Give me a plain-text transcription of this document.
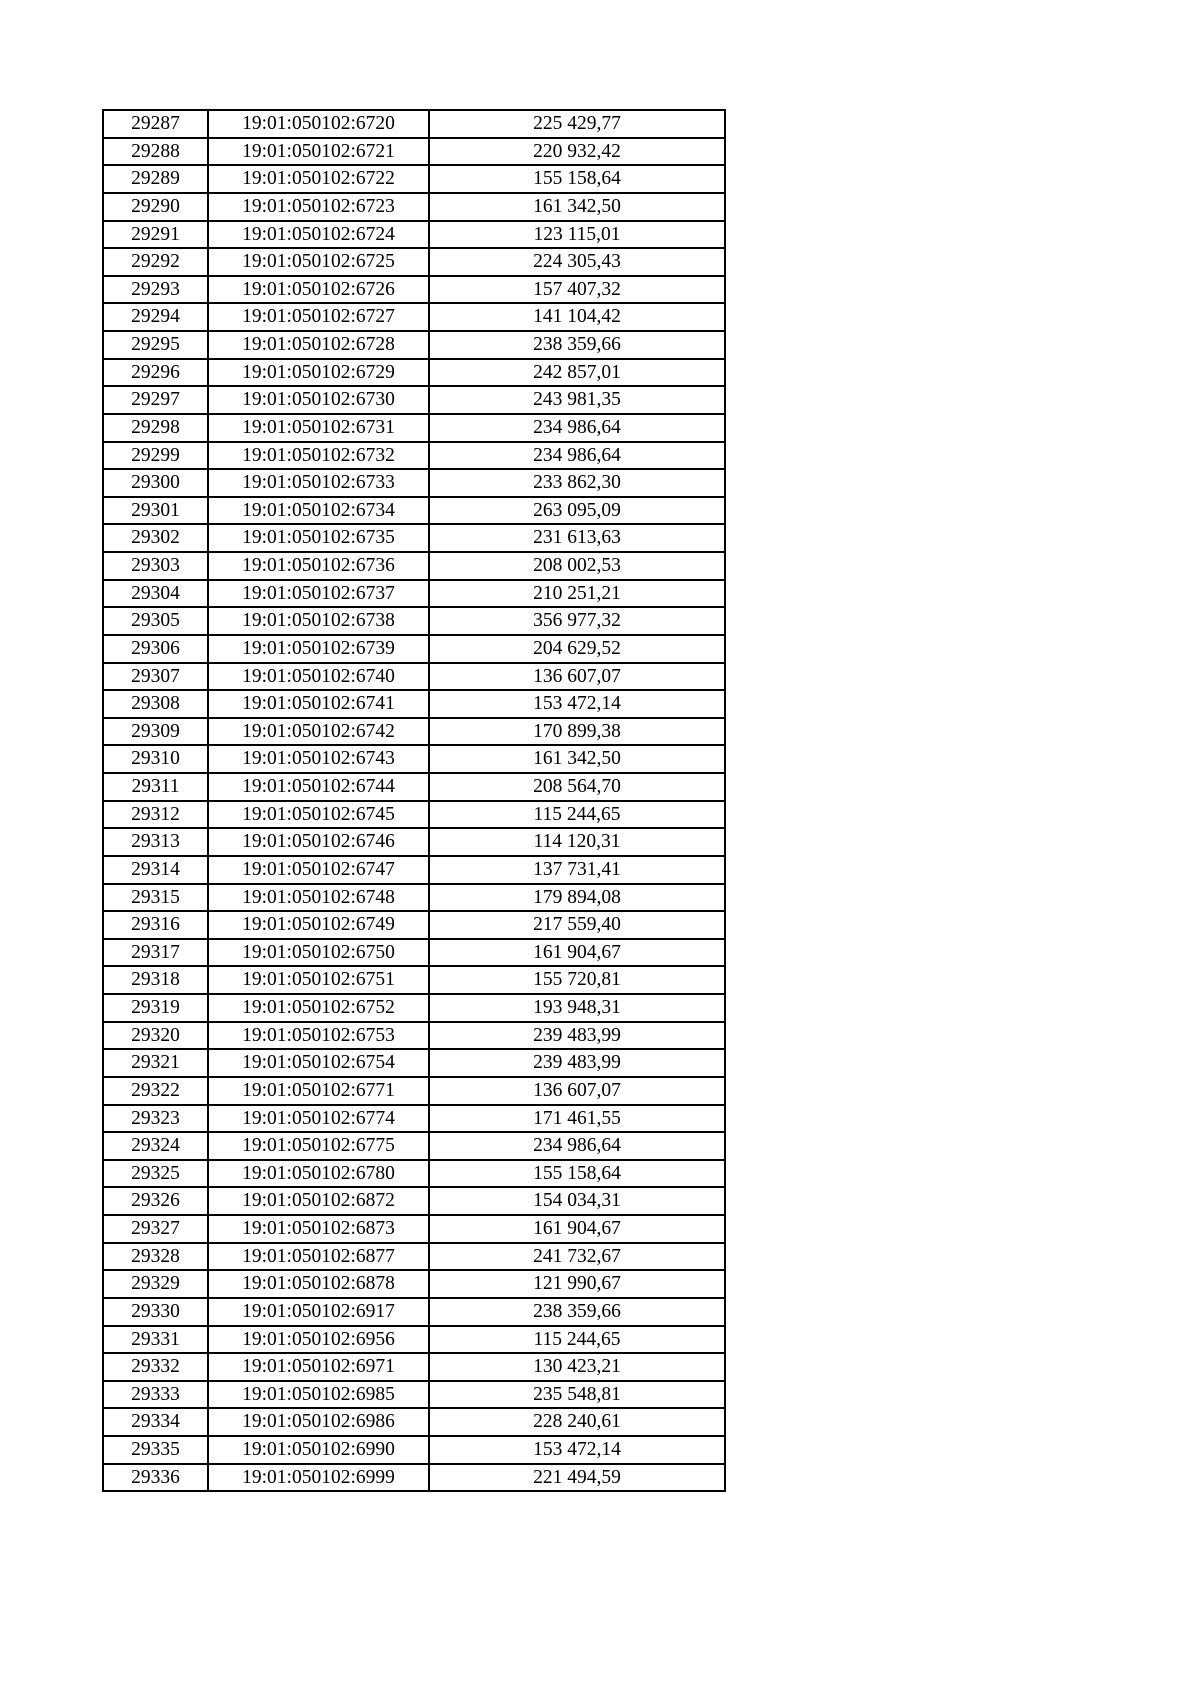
29287	19:01:050102:6720	225 429,77
29288	19:01:050102:6721	220 932,42
29289	19:01:050102:6722	155 158,64
29290	19:01:050102:6723	161 342,50
29291	19:01:050102:6724	123 115,01
29292	19:01:050102:6725	224 305,43
29293	19:01:050102:6726	157 407,32
29294	19:01:050102:6727	141 104,42
29295	19:01:050102:6728	238 359,66
29296	19:01:050102:6729	242 857,01
29297	19:01:050102:6730	243 981,35
29298	19:01:050102:6731	234 986,64
29299	19:01:050102:6732	234 986,64
29300	19:01:050102:6733	233 862,30
29301	19:01:050102:6734	263 095,09
29302	19:01:050102:6735	231 613,63
29303	19:01:050102:6736	208 002,53
29304	19:01:050102:6737	210 251,21
29305	19:01:050102:6738	356 977,32
29306	19:01:050102:6739	204 629,52
29307	19:01:050102:6740	136 607,07
29308	19:01:050102:6741	153 472,14
29309	19:01:050102:6742	170 899,38
29310	19:01:050102:6743	161 342,50
29311	19:01:050102:6744	208 564,70
29312	19:01:050102:6745	115 244,65
29313	19:01:050102:6746	114 120,31
29314	19:01:050102:6747	137 731,41
29315	19:01:050102:6748	179 894,08
29316	19:01:050102:6749	217 559,40
29317	19:01:050102:6750	161 904,67
29318	19:01:050102:6751	155 720,81
29319	19:01:050102:6752	193 948,31
29320	19:01:050102:6753	239 483,99
29321	19:01:050102:6754	239 483,99
29322	19:01:050102:6771	136 607,07
29323	19:01:050102:6774	171 461,55
29324	19:01:050102:6775	234 986,64
29325	19:01:050102:6780	155 158,64
29326	19:01:050102:6872	154 034,31
29327	19:01:050102:6873	161 904,67
29328	19:01:050102:6877	241 732,67
29329	19:01:050102:6878	121 990,67
29330	19:01:050102:6917	238 359,66
29331	19:01:050102:6956	115 244,65
29332	19:01:050102:6971	130 423,21
29333	19:01:050102:6985	235 548,81
29334	19:01:050102:6986	228 240,61
29335	19:01:050102:6990	153 472,14
29336	19:01:050102:6999	221 494,59
